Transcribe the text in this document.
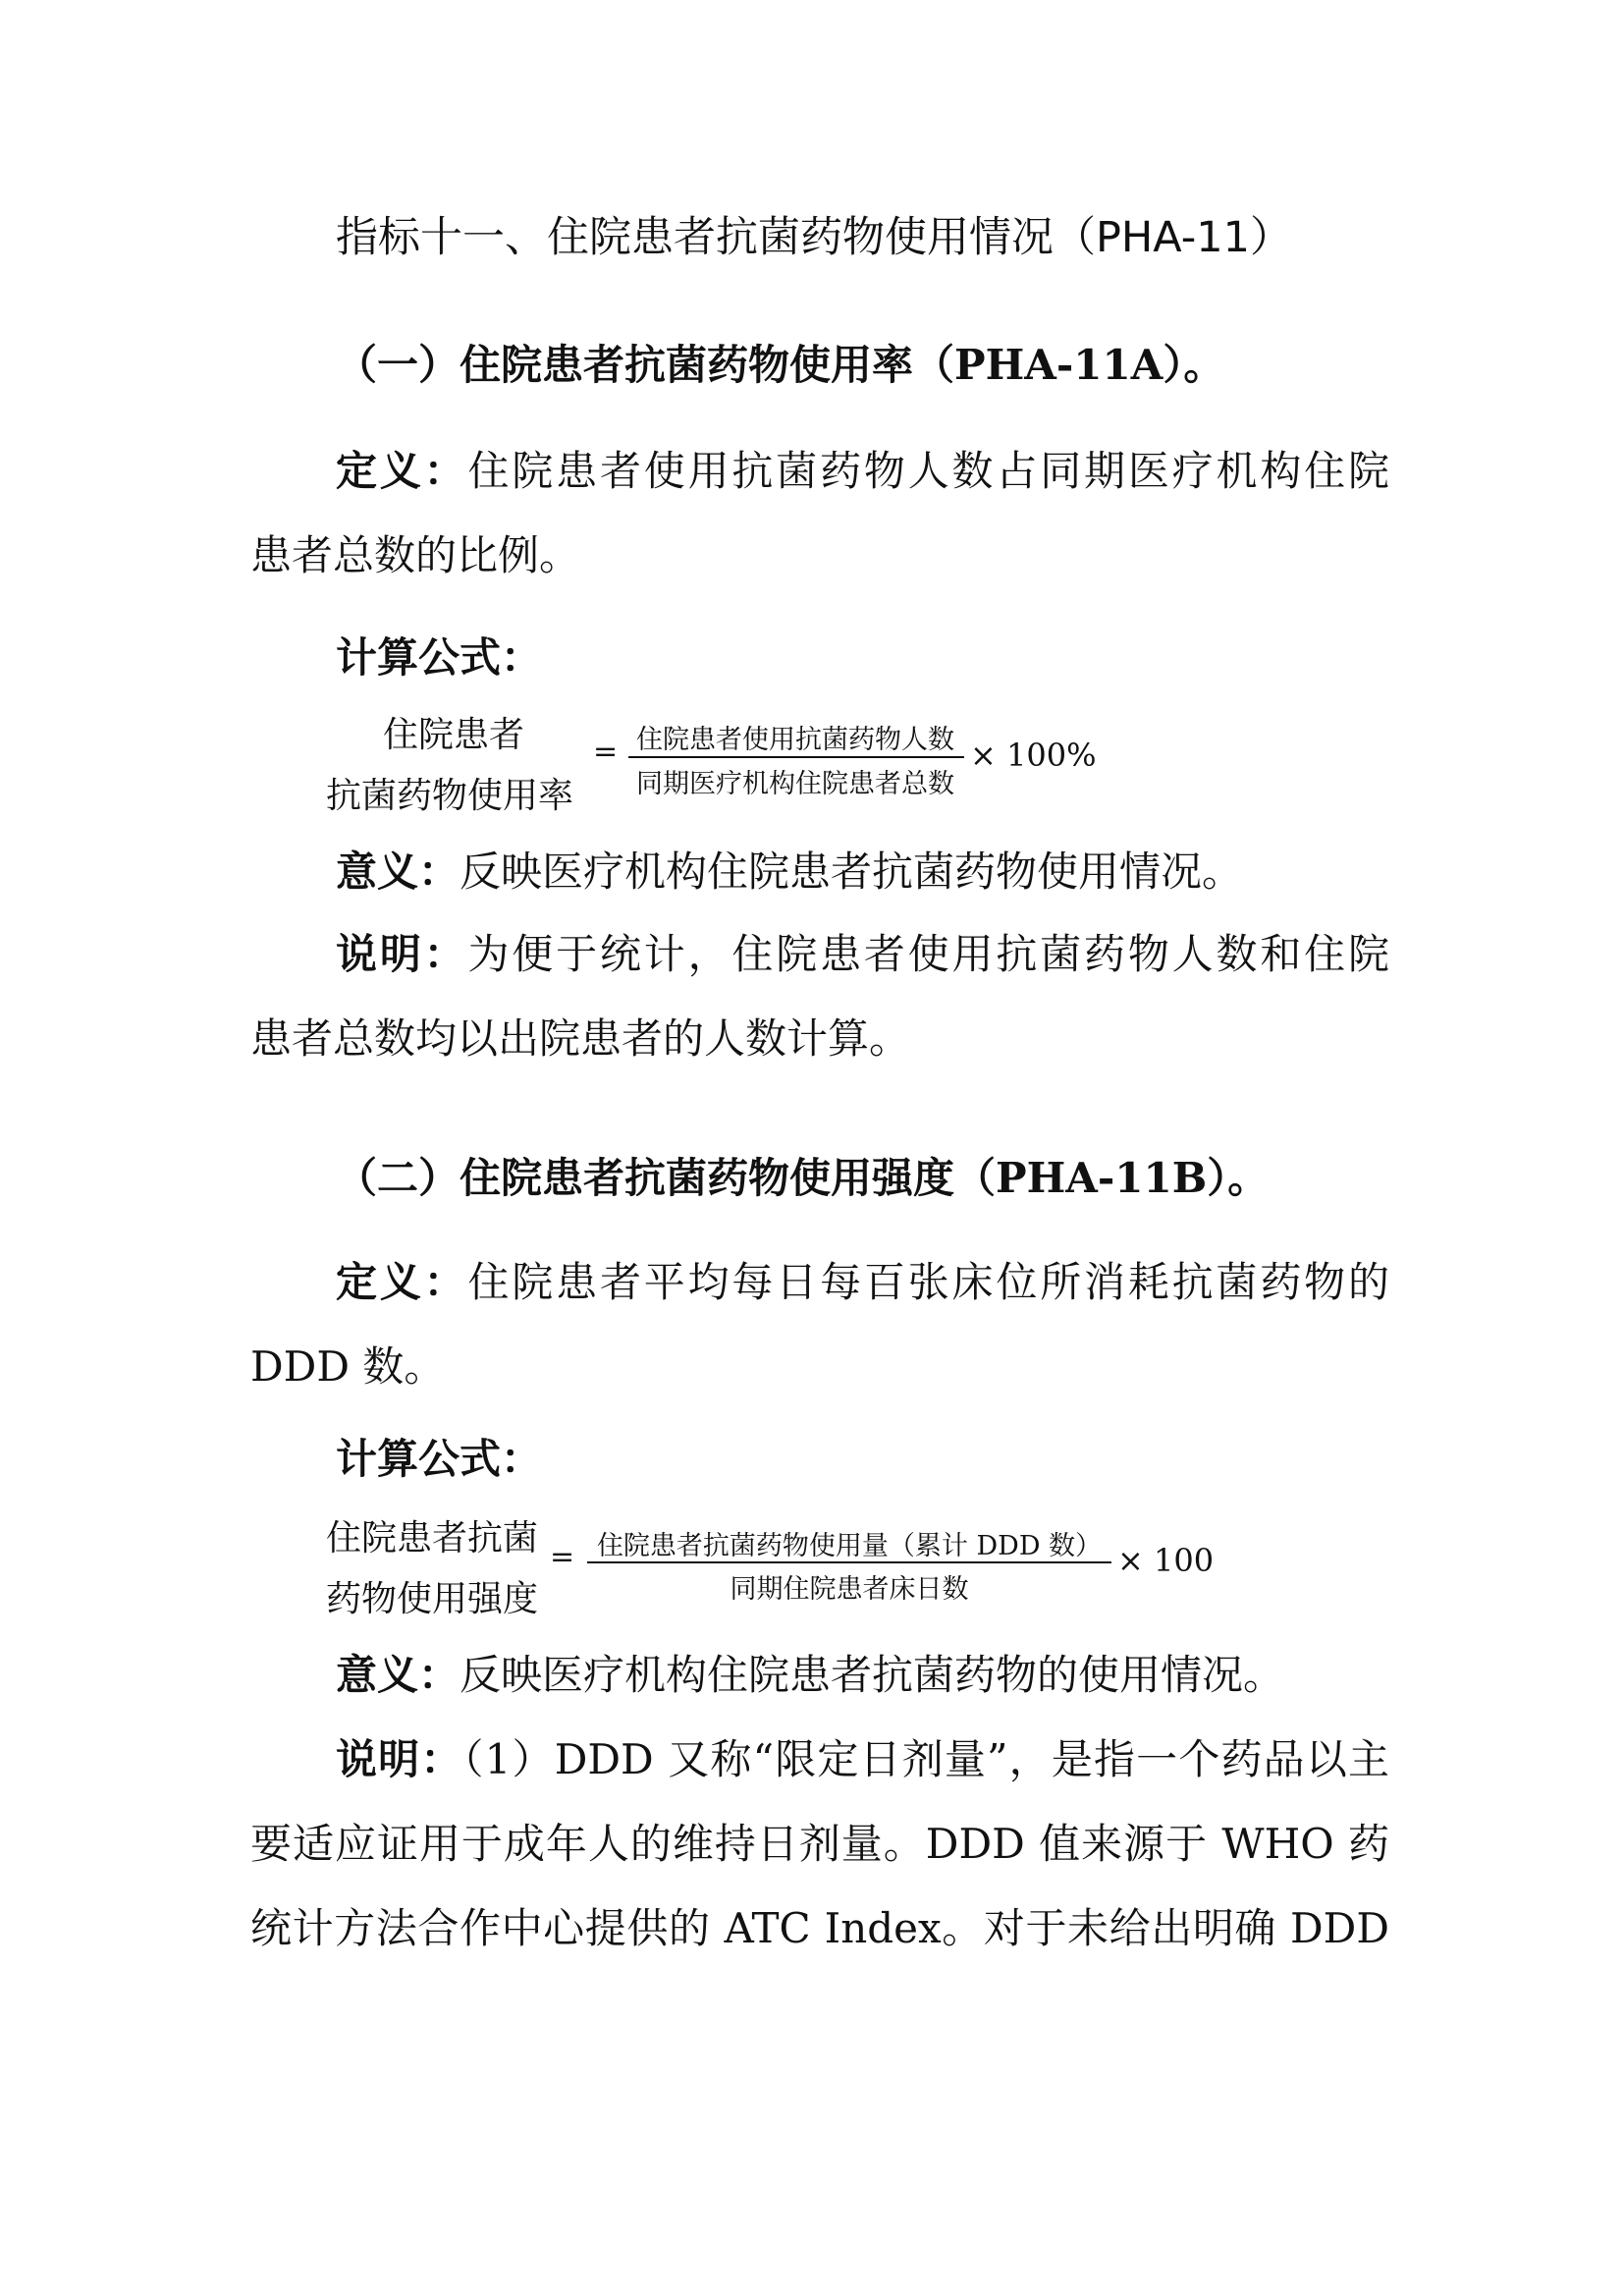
指标十一、住院患者抗菌药物使用情况（PHA-11）
（一）住院患者抗菌药物使用率（PHA-11A）。
定义：住院患者使用抗菌药物人数占同期医疗机构住院
患者总数的比例。
计算公式：
住院患者
抗菌药物使用率
= 住院患者使用抗菌药物人数
同期医疗机构住院患者总数
× 100%
意义：反映医疗机构住院患者抗菌药物使用情况。
说明：为便于统计，住院患者使用抗菌药物人数和住院
患者总数均以出院患者的人数计算。
（二）住院患者抗菌药物使用强度（PHA-11B）。
定义：住院患者平均每日每百张床位所消耗抗菌药物的
DDD 数。
计算公式：
住院患者抗菌
药物使用强度
= 住院患者抗菌药物使用量（累计 DDD 数）
同期住院患者床日数
× 100
意义：反映医疗机构住院患者抗菌药物的使用情况。
说明：（1）DDD 又称“限定日剂量”，是指一个药品以主
要适应证用于成年人的维持日剂量。DDD 值来源于 WHO 药
统计方法合作中心提供的 ATC Index。对于未给出明确 DDD
